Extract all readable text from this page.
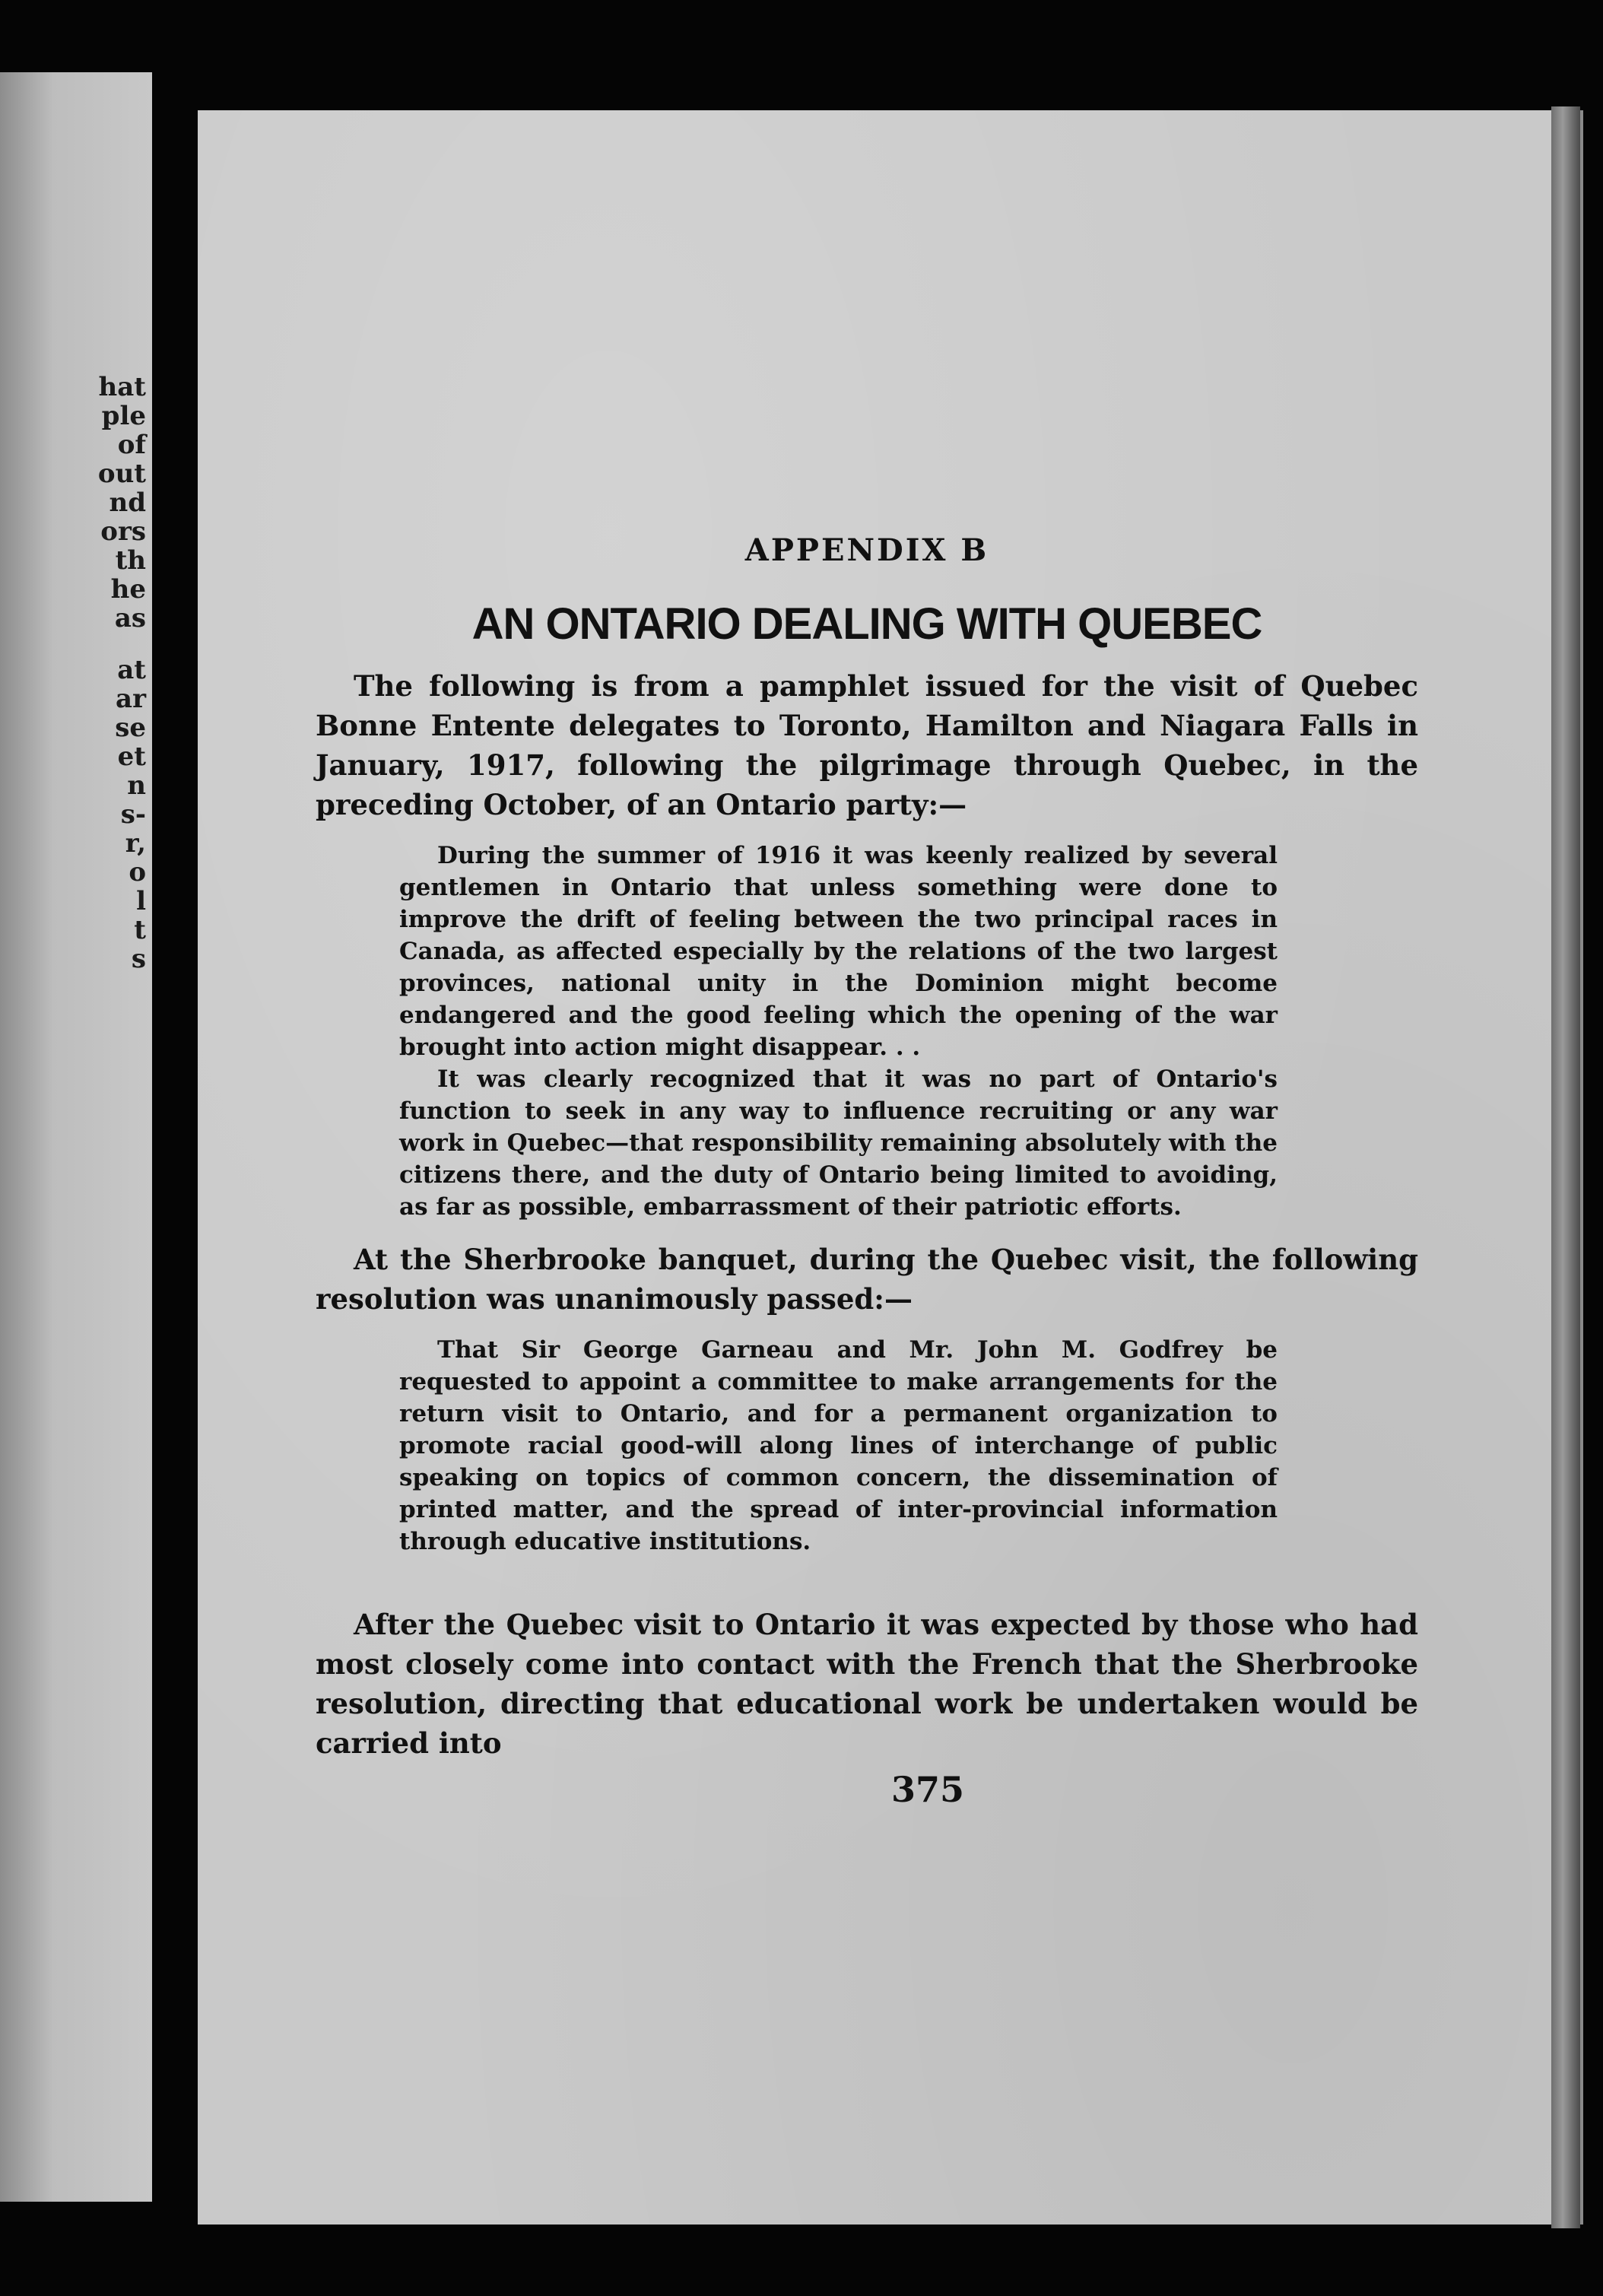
hat
ple
of
out
nd
ors
th
he
as
at
ar
se
et
n
s-
r,
o
l
t
s
APPENDIX B
AN ONTARIO DEALING WITH QUEBEC

The following is from a pamphlet issued for the visit of Quebec Bonne Entente delegates to Toronto, Hamilton and Niagara Falls in January, 1917, following the pilgrimage through Quebec, in the preceding October, of an Ontario party:—

During the summer of 1916 it was keenly realized by several gentlemen in Ontario that unless something were done to improve the drift of feeling between the two principal races in Canada, as affected especially by the relations of the two largest provinces, national unity in the Dominion might become endangered and the good feeling which the opening of the war brought into action might disappear. . .

It was clearly recognized that it was no part of Ontario's function to seek in any way to influence recruiting or any war work in Quebec—that responsibility remaining absolutely with the citizens there, and the duty of Ontario being limited to avoiding, as far as possible, embarrassment of their patriotic efforts.

At the Sherbrooke banquet, during the Quebec visit, the following resolution was unanimously passed:—

That Sir George Garneau and Mr. John M. Godfrey be requested to appoint a committee to make arrangements for the return visit to Ontario, and for a permanent organization to promote racial good-will along lines of interchange of public speaking on topics of common concern, the dissemination of printed matter, and the spread of inter-provincial information through educative institutions.

After the Quebec visit to Ontario it was expected by those who had most closely come into contact with the French that the Sherbrooke resolution, directing that educational work be undertaken would be carried into

375
